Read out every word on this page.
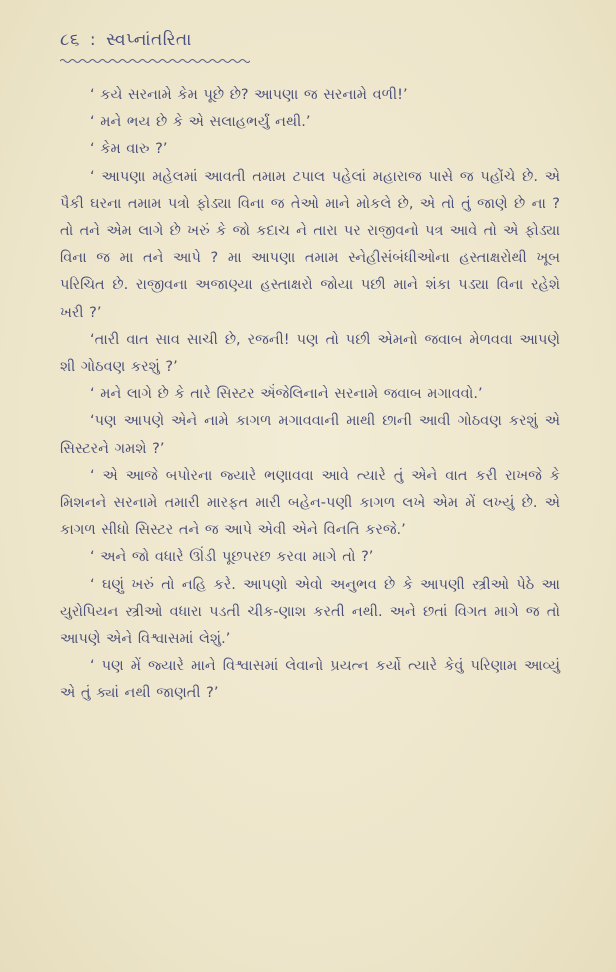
૮૬ : સ્વપ્નાંતરિતા

‘ કયે સરનામે કેમ પૂછે છે? આપણા જ સરનામે વળી!’

‘ મને ભય છે કે એ સલાહભર્યું નથી.’

‘ કેમ વારુ ?’

‘ આપણા મહેલમાં આવતી તમામ ટપાલ પહેલાં મહારાજ પાસે જ પહોંચે છે. એ પૈકી ઘરના તમામ પત્રો ફોડ્યા વિના જ તેઓ માને મોકલે છે, એ તો તું જાણે છે ના ? તો તને એમ લાગે છે ખરું કે જો કદાચ ને તારા પર રાજીવનો પત્ર આવે તો એ ફોડ્યા વિના જ મા તને આપે ? મા આપણા તમામ સ્નેહીસંબંધીઓના હસ્તાક્ષરોથી ખૂબ પરિચિત છે. રાજીવના અજાણ્યા હસ્તાક્ષરો જોયા પછી માને શંકા પડ્યા વિના રહેશે ખરી ?’

‘તારી વાત સાવ સાચી છે, રજની! પણ તો પછી એમનો જવાબ મેળવવા આપણે શી ગોઠવણ કરશું ?’

‘ મને લાગે છે કે તારે સિસ્ટર ઍંજેલિનાને સરનામે જવાબ મગાવવો.’

‘પણ આપણે એને નામે કાગળ મગાવવાની માથી છાની આવી ગોઠવણ કરશું એ સિસ્ટરને ગમશે ?’

‘ એ આજે બપોરના જ્યારે ભણાવવા આવે ત્યારે તું એને વાત કરી રાખજે કે મિશનને સરનામે તમારી મારફત મારી બહેન-પણી કાગળ લખે એમ મેં લખ્યું છે. એ કાગળ સીધો સિસ્ટર તને જ આપે એવી એને વિનતિ કરજે.’

‘ અને જો વધારે ઊંડી પૂછપરછ કરવા માગે તો ?’

‘ ઘણું ખરું તો નહિ કરે. આપણો એવો અનુભવ છે કે આપણી સ્ત્રીઓ પેઠે આ યુરોપિયન સ્ત્રીઓ વધારા પડતી ચીક-ણાશ કરતી નથી. અને છતાં વિગત માગે જ તો આપણે એને વિશ્વાસમાં લેશું.’

‘ પણ મેં જ્યારે માને વિશ્વાસમાં લેવાનો પ્રયત્ન કર્યો ત્યારે કેવું પરિણામ આવ્યું એ તું ક્યાં નથી જાણતી ?’
